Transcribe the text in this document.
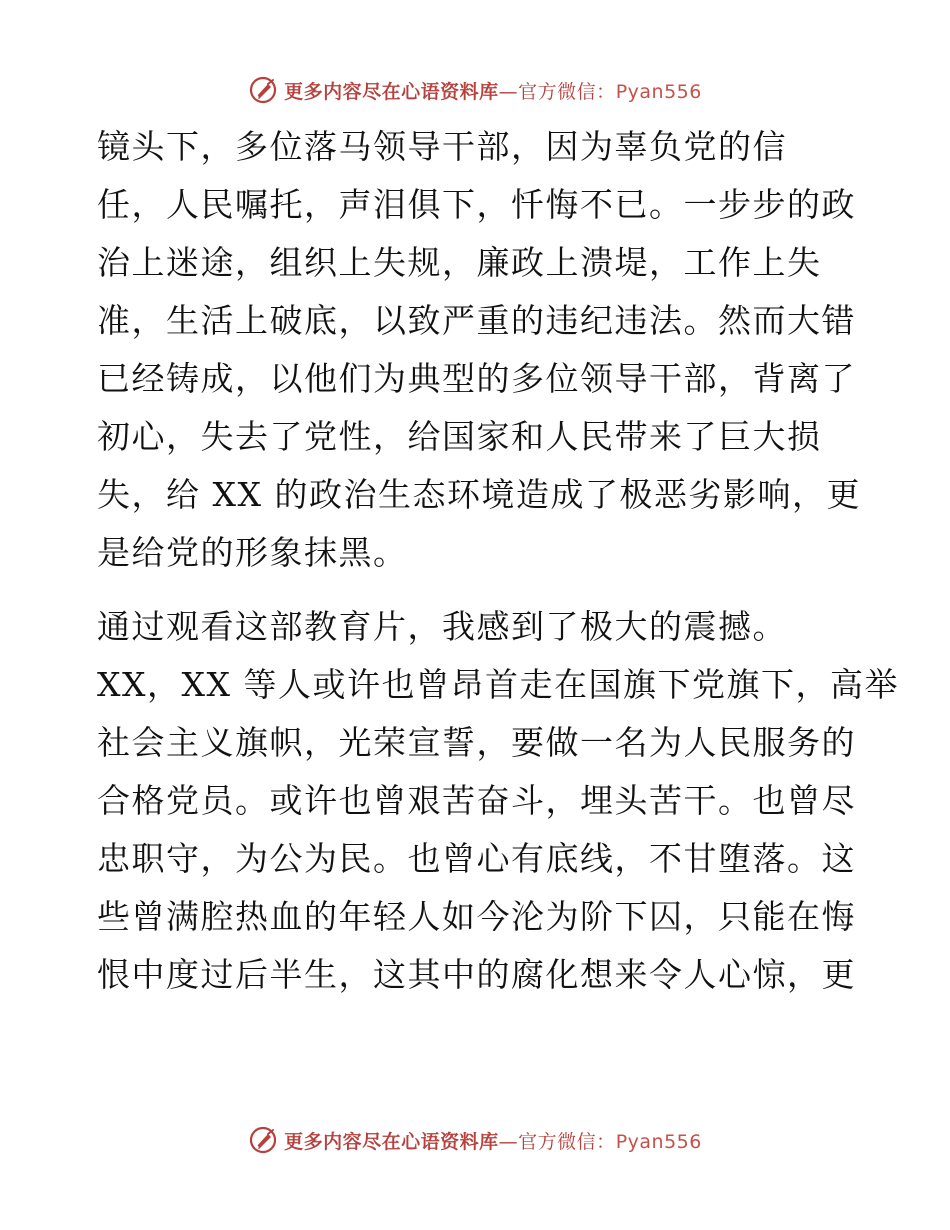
更多内容尽在心语资料库—官方微信：Pyan556

镜头下，多位落马领导干部，因为辜负党的信
任，人民嘱托，声泪俱下，忏悔不已。一步步的政
治上迷途，组织上失规，廉政上溃堤，工作上失
准，生活上破底，以致严重的违纪违法。然而大错
已经铸成，以他们为典型的多位领导干部，背离了
初心，失去了党性，给国家和人民带来了巨大损
失，给 XX 的政治生态环境造成了极恶劣影响，更
是给党的形象抹黑。

通过观看这部教育片，我感到了极大的震撼。
XX，XX 等人或许也曾昂首走在国旗下党旗下，高举
社会主义旗帜，光荣宣誓，要做一名为人民服务的
合格党员。或许也曾艰苦奋斗，埋头苦干。也曾尽
忠职守，为公为民。也曾心有底线，不甘堕落。这
些曾满腔热血的年轻人如今沦为阶下囚，只能在悔
恨中度过后半生，这其中的腐化想来令人心惊，更

更多内容尽在心语资料库—官方微信：Pyan556
